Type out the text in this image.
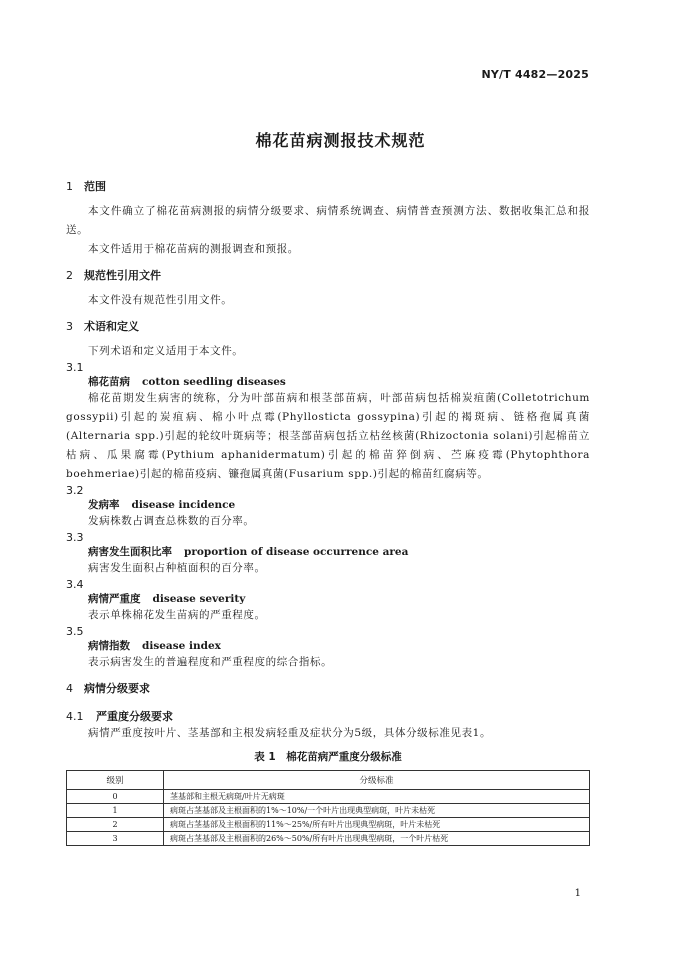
NY/T 4482—2025
棉花苗病测报技术规范

1 范围

本文件确立了棉花苗病测报的病情分级要求、病情系统调查、病情普查预测方法、数据收集汇总和报送。

本文件适用于棉花苗病的测报调查和预报。

2 规范性引用文件

本文件没有规范性引用文件。

3 术语和定义

下列术语和定义适用于本文件。

3.1

棉花苗病 cotton seedling diseases

棉花苗期发生病害的统称，分为叶部苗病和根茎部苗病，叶部苗病包括棉炭疽菌(Colletotrichum gossypii)引起的炭疽病、棉小叶点霉(Phyllosticta gossypina)引起的褐斑病、链格孢属真菌(Alternaria spp.)引起的轮纹叶斑病等；根茎部苗病包括立枯丝核菌(Rhizoctonia solani)引起棉苗立枯病、瓜果腐霉(Pythium aphanidermatum)引起的棉苗猝倒病、苎麻疫霉(Phytophthora boehmeriae)引起的棉苗疫病、镰孢属真菌(Fusarium spp.)引起的棉苗红腐病等。

3.2

发病率 disease incidence

发病株数占调查总株数的百分率。

3.3

病害发生面积比率 proportion of disease occurrence area

病害发生面积占种植面积的百分率。

3.4

病情严重度 disease severity

表示单株棉花发生苗病的严重程度。

3.5

病情指数 disease index

表示病害发生的普遍程度和严重程度的综合指标。

4 病情分级要求

4.1 严重度分级要求

病情严重度按叶片、茎基部和主根发病轻重及症状分为5级，具体分级标准见表1。

表 1　棉花苗病严重度分级标准

级别	分级标准
0	茎基部和主根无病斑/叶片无病斑
1	病斑占茎基部及主根面积的1%～10%/一个叶片出现典型病斑，叶片未枯死
2	病斑占茎基部及主根面积的11%～25%/所有叶片出现典型病斑，叶片未枯死
3	病斑占茎基部及主根面积的26%～50%/所有叶片出现典型病斑，一个叶片枯死
1
